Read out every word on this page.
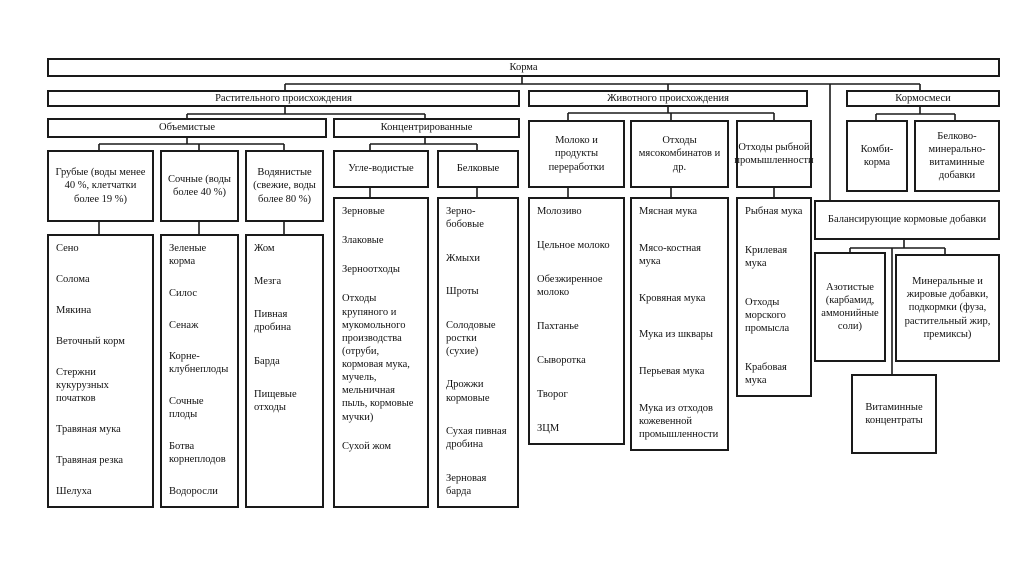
Корма
Растительного происхождения	Животного происхождения	Кормосмеси
Объемистые	Концентрированные
Грубые (воды менее 40 %, клетчатки более 19 %)
Сочные (воды более 40 %)
Водянистые (свежие, воды более 80 %)
Угле-водистые	Белковые
Молоко и продукты переработки
Отходы мясокомбинатов и др.
Отходы рыбной промышленности
Комби-корма
Белково-минерально-витаминные добавки
Балансирующие кормовые добавки
Азотистые (карбамид, аммонийные соли)
Минеральные и жировые добавки, подкормки (фуза, растительный жир, премиксы)
Витаминные концентраты
Сено
Солома
Мякина
Веточный корм
Стержни кукурузных початков
Травяная мука
Травяная резка
Шелуха
Зеленые корма
Силос
Сенаж
Корне-клубнеплоды
Сочные плоды
Ботва корнеплодов
Водоросли
Жом
Мезга
Пивная дробина
Барда
Пищевые отходы
Зерновые
Злаковые
Зерноотходы
Отходы крупяного и мукомольного производства (отруби, кормовая мука, мучель, мельничная пыль, кормовые мучки)
Сухой жом
Зерно-бобовые
Жмыхи
Шроты
Солодовые ростки (сухие)
Дрожжи кормовые
Сухая пивная дробина
Зерновая барда
Молозиво
Цельное молоко
Обезжиренное молоко
Пахтанье
Сыворотка
Творог
ЗЦМ
Мясная мука
Мясо-костная мука
Кровяная мука
Мука из шквары
Перьевая мука
Мука из отходов кожевенной промышленности
Рыбная мука
Крилевая мука
Отходы морского промысла
Крабовая мука
